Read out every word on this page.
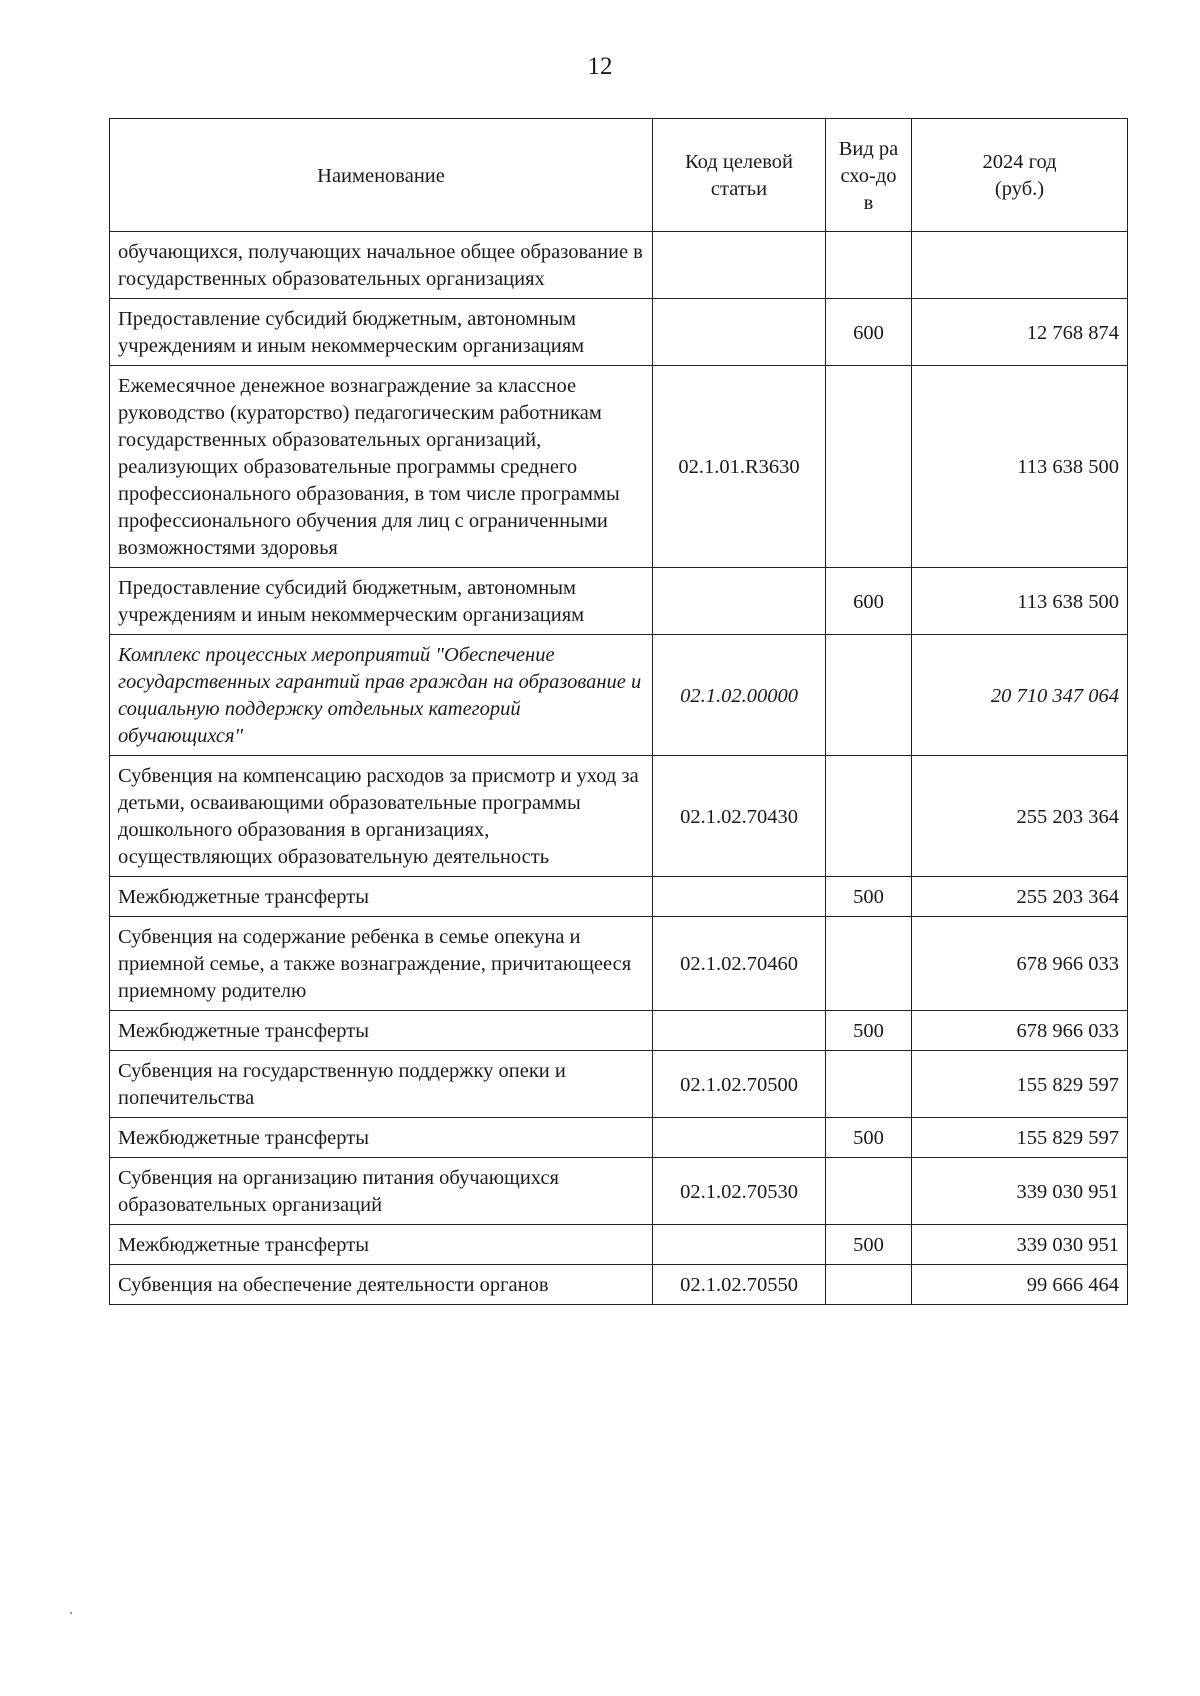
12
Наименование	Код целевой статьи	Вид расхо-дов	2024 год (руб.)

обучающихся, получающих начальное общее образование в государственных образовательных организациях			
Предоставление субсидий бюджетным, автономным учреждениям и иным некоммерческим организациям		600	12 768 874
Ежемесячное денежное вознаграждение за классное руководство (кураторство) педагогическим работникам государственных образовательных организаций, реализующих образовательные программы среднего профессионального образования, в том числе программы профессионального обучения для лиц с ограниченными возможностями здоровья	02.1.01.R3630		113 638 500
Предоставление субсидий бюджетным, автономным учреждениям и иным некоммерческим организациям		600	113 638 500
Комплекс процессных мероприятий "Обеспечение государственных гарантий прав граждан на образование и социальную поддержку отдельных категорий обучающихся"	02.1.02.00000		20 710 347 064
Субвенция на компенсацию расходов за присмотр и уход за детьми, осваивающими образовательные программы дошкольного образования в организациях, осуществляющих образовательную деятельность	02.1.02.70430		255 203 364
Межбюджетные трансферты		500	255 203 364
Субвенция на содержание ребенка в семье опекуна и приемной семье, а также вознаграждение, причитающееся приемному родителю	02.1.02.70460		678 966 033
Межбюджетные трансферты		500	678 966 033
Субвенция на государственную поддержку опеки и попечительства	02.1.02.70500		155 829 597
Межбюджетные трансферты		500	155 829 597
Субвенция на организацию питания обучающихся образовательных организаций	02.1.02.70530		339 030 951
Межбюджетные трансферты		500	339 030 951
Субвенция на обеспечение деятельности органов	02.1.02.70550		99 666 464
